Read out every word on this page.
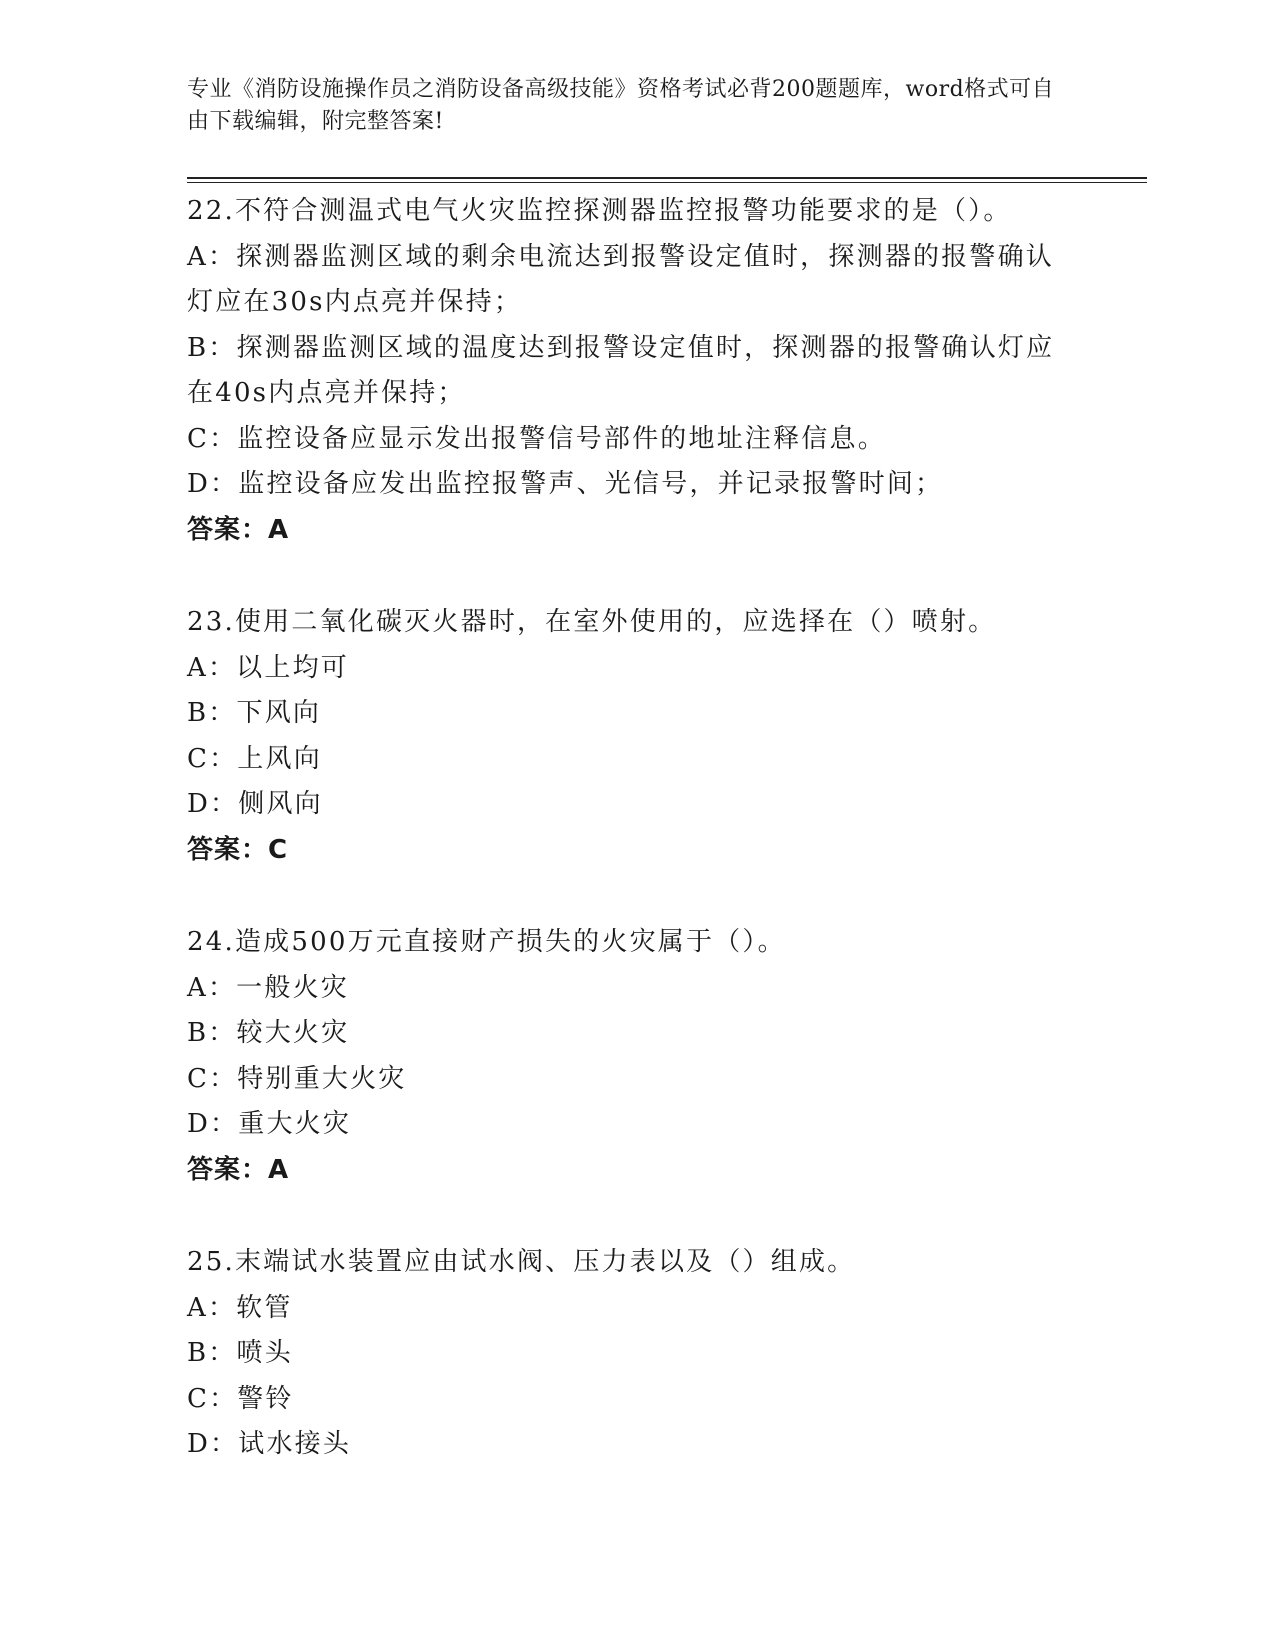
专业《消防设施操作员之消防设备高级技能》资格考试必背200题题库，word格式可自由下载编辑，附完整答案!
22.不符合测温式电气火灾监控探测器监控报警功能要求的是（）。
A：探测器监测区域的剩余电流达到报警设定值时，探测器的报警确认灯应在30s内点亮并保持；
B：探测器监测区域的温度达到报警设定值时，探测器的报警确认灯应在40s内点亮并保持；
C：监控设备应显示发出报警信号部件的地址注释信息。
D：监控设备应发出监控报警声、光信号，并记录报警时间；
答案：A
23.使用二氧化碳灭火器时，在室外使用的，应选择在（）喷射。
A：以上均可
B：下风向
C：上风向
D：侧风向
答案：C
24.造成500万元直接财产损失的火灾属于（）。
A：一般火灾
B：较大火灾
C：特别重大火灾
D：重大火灾
答案：A
25.末端试水装置应由试水阀、压力表以及（）组成。
A：软管
B：喷头
C：警铃
D：试水接头
